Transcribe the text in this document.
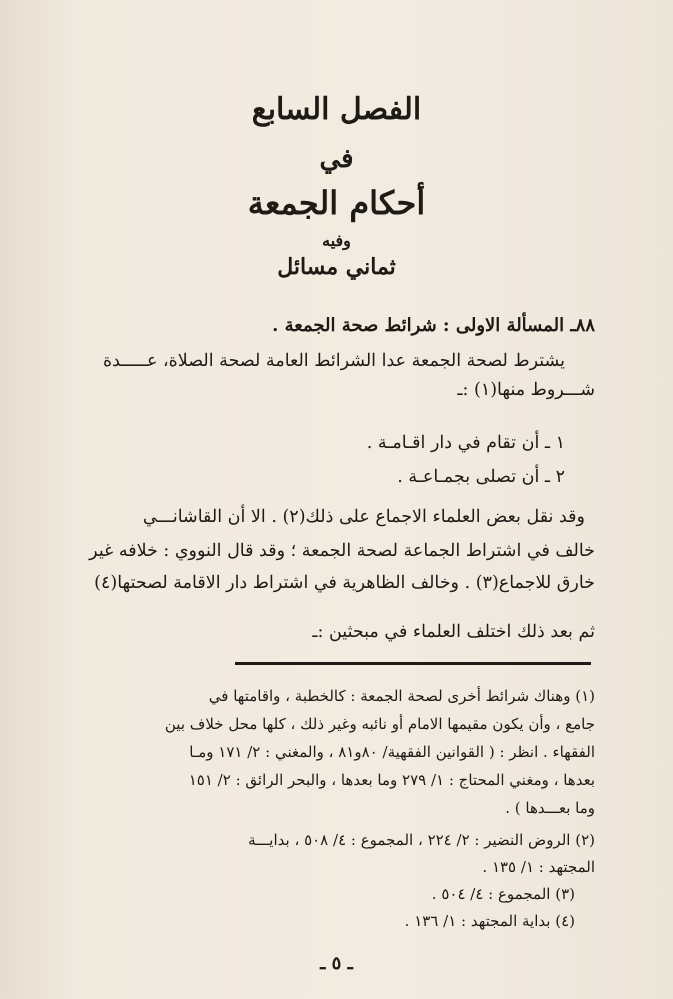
الفصل السابع
في
أحكام الجمعة
وفيه
ثماني مسائل
٨٨ـ المسألة الاولى : شرائط صحة الجمعة .
يشترط لصحة الجمعة عدا الشرائط العامة لصحة الصلاة، عـــــدة
شـــروط منها(١) :ـ
١ ـ أن تقام في دار اقـامـة .
٢ ـ أن تصلى بجمـاعـة .
وقد نقل بعض العلماء الاجماع على ذلك(٢) . الا أن القاشانـــي
خالف في اشتراط الجماعة لصحة الجمعة ؛ وقد قال النووي : خلافه غير
خارق للاجماع(٣) . وخالف الظاهرية في اشتراط دار الاقامة لصحتها(٤)
ثم بعد ذلك اختلف العلماء في مبحثين :ـ
(١) وهناك شرائط أخرى لصحة الجمعة : كالخطبة ، واقامتها في
جامع ، وأن يكون مقيمها الامام أو نائبه وغير ذلك ، كلها محل خلاف بين
الفقهاء . انظر : ( القوانين الفقهية/ ٨٠و٨١ ، والمغني : ٢/ ١٧١ ومـا
بعدها ، ومغني المحتاج : ١/ ٢٧٩ وما بعدها ، والبحر الرائق : ٢/ ١٥١
وما بعـــدها ) .
(٢) الروض النضير : ٢/ ٢٢٤ ، المجموع : ٤/ ٥٠٨ ، بدايـــة
المجتهد : ١/ ١٣٥ .
(٣) المجموع : ٤/ ٥٠٤ .
(٤) بداية المجتهد : ١/ ١٣٦ .
ـ ٥ ـ
